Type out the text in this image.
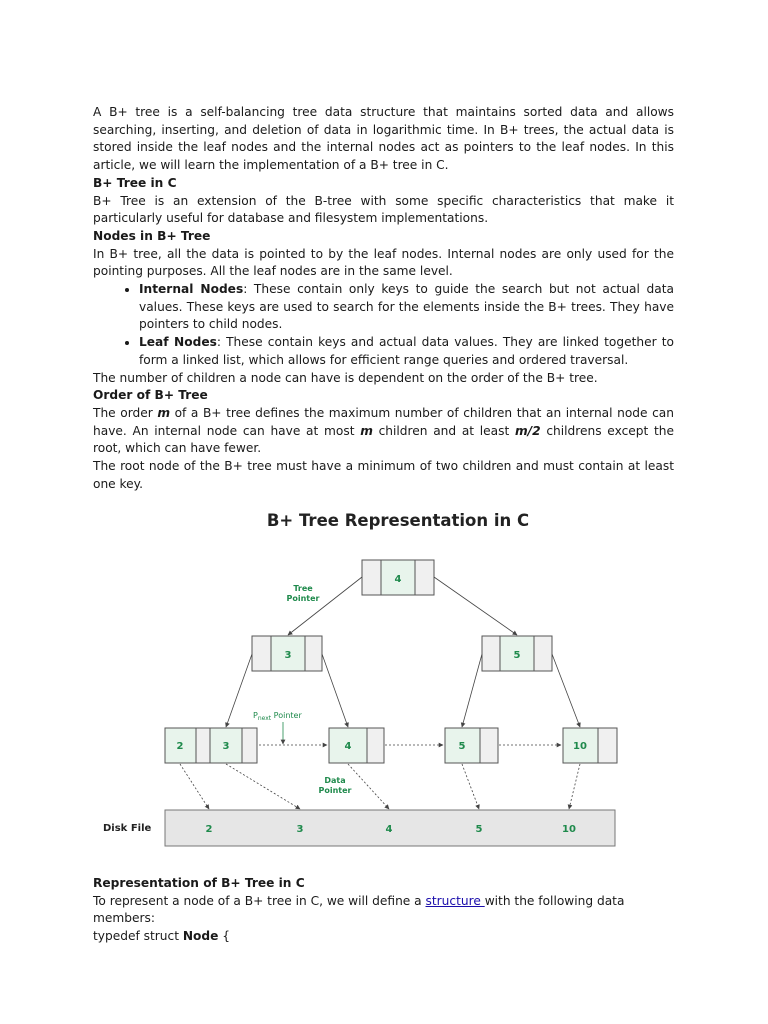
A B+ tree is a self-balancing tree data structure that maintains sorted data and allows searching, inserting, and deletion of data in logarithmic time. In B+ trees, the actual data is stored inside the leaf nodes and the internal nodes act as pointers to the leaf nodes. In this article, we will learn the implementation of a B+ tree in C.

B+ Tree in C

B+ Tree is an extension of the B-tree with some specific characteristics that make it particularly useful for database and filesystem implementations.

Nodes in B+ Tree

In B+ tree, all the data is pointed to by the leaf nodes. Internal nodes are only used for the pointing purposes. All the leaf nodes are in the same level.

• Internal Nodes: These contain only keys to guide the search but not actual data values. These keys are used to search for the elements inside the B+ trees. They have pointers to child nodes.
• Leaf Nodes: These contain keys and actual data values. They are linked together to form a linked list, which allows for efficient range queries and ordered traversal.

The number of children a node can have is dependent on the order of the B+ tree.

Order of B+ Tree

The order m of a B+ tree defines the maximum number of children that an internal node can have. An internal node can have at most m children and at least m/2 childrens except the root, which can have fewer.

The root node of the B+ tree must have a minimum of two children and must contain at least one key.

B+ Tree Representation in C
4
Tree
Pointer
3	5
2	3	4	5	10
$P_{next}$ Pointer
Data
Pointer
Disk File	2	3	4	5	10

Representation of B+ Tree in C

To represent a node of a B+ tree in C, we will define a structure with the following data members:

typedef struct Node {
